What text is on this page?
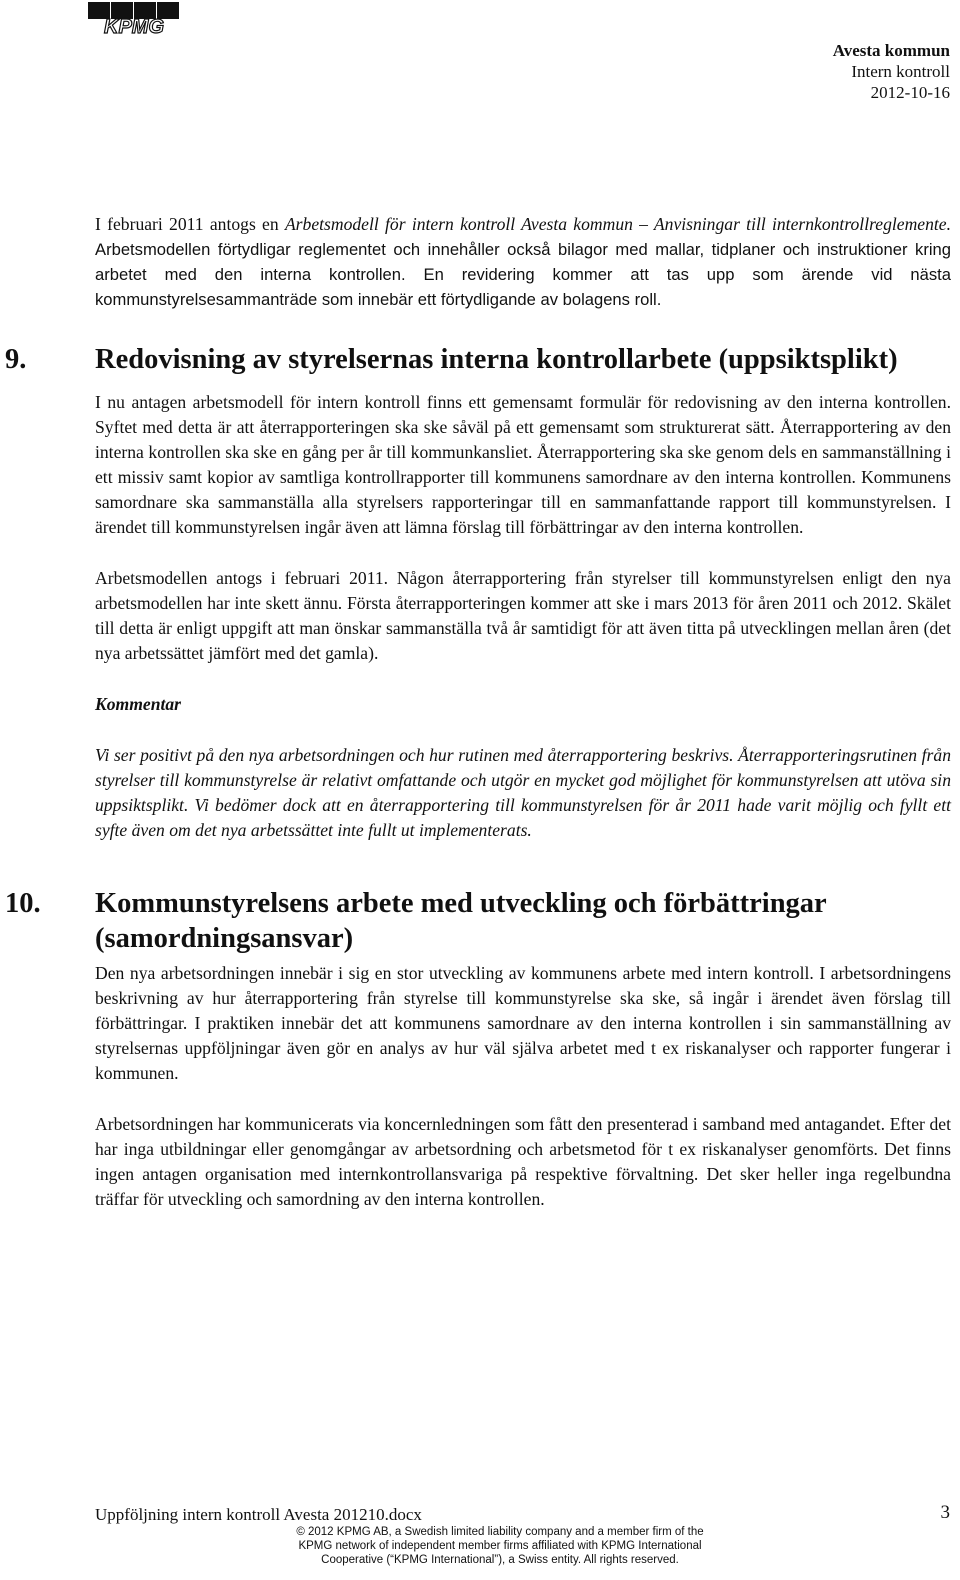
KPMG
Avesta kommun
Intern kontroll
2012-10-16

I februari 2011 antogs en Arbetsmodell för intern kontroll Avesta kommun – Anvisningar till internkontrollreglemente. Arbetsmodellen förtydligar reglementet och innehåller också bilagor med mallar, tidplaner och instruktioner kring arbetet med den interna kontrollen. En revidering kommer att tas upp som ärende vid nästa kommunstyrelsesammanträde som innebär ett förtydligande av bolagens roll.

9.	Redovisning av styrelsernas interna kontrollarbete (uppsiktsplikt)

I nu antagen arbetsmodell för intern kontroll finns ett gemensamt formulär för redovisning av den interna kontrollen. Syftet med detta är att återrapporteringen ska ske såväl på ett gemensamt som strukturerat sätt. Återrapportering av den interna kontrollen ska ske en gång per år till kommunkansliet. Återrapportering ska ske genom dels en sammanställning i ett missiv samt kopior av samtliga kontrollrapporter till kommunens samordnare av den interna kontrollen. Kommunens samordnare ska sammanställa alla styrelsers rapporteringar till en sammanfattande rapport till kommunstyrelsen. I ärendet till kommunstyrelsen ingår även att lämna förslag till förbättringar av den interna kontrollen.

Arbetsmodellen antogs i februari 2011. Någon återrapportering från styrelser till kommunstyrelsen enligt den nya arbetsmodellen har inte skett ännu. Första återrapporteringen kommer att ske i mars 2013 för åren 2011 och 2012. Skälet till detta är enligt uppgift att man önskar sammanställa två år samtidigt för att även titta på utvecklingen mellan åren (det nya arbetssättet jämfört med det gamla).

Kommentar

Vi ser positivt på den nya arbetsordningen och hur rutinen med återrapportering beskrivs. Återrapporteringsrutinen från styrelser till kommunstyrelse är relativt omfattande och utgör en mycket god möjlighet för kommunstyrelsen att utöva sin uppsiktsplikt. Vi bedömer dock att en återrapportering till kommunstyrelsen för år 2011 hade varit möjlig och fyllt ett syfte även om det nya arbetssättet inte fullt ut implementerats.

10.	Kommunstyrelsens arbete med utveckling och förbättringar (samordningsansvar)

Den nya arbetsordningen innebär i sig en stor utveckling av kommunens arbete med intern kontroll. I arbetsordningens beskrivning av hur återrapportering från styrelse till kommunstyrelse ska ske, så ingår i ärendet även förslag till förbättringar. I praktiken innebär det att kommunens samordnare av den interna kontrollen i sin sammanställning av styrelsernas uppföljningar även gör en analys av hur väl själva arbetet med t ex riskanalyser och rapporter fungerar i kommunen.

Arbetsordningen har kommunicerats via koncernledningen som fått den presenterad i samband med antagandet. Efter det har inga utbildningar eller genomgångar av arbetsordning och arbetsmetod för t ex riskanalyser genomförts. Det finns ingen antagen organisation med internkontrollansvariga på respektive förvaltning. Det sker heller inga regelbundna träffar för utveckling och samordning av den interna kontrollen.

Uppföljning intern kontroll Avesta 201210.docx	3
© 2012 KPMG AB, a Swedish limited liability company and a member firm of the
KPMG network of independent member firms affiliated with KPMG International
Cooperative (“KPMG International”), a Swiss entity. All rights reserved.
